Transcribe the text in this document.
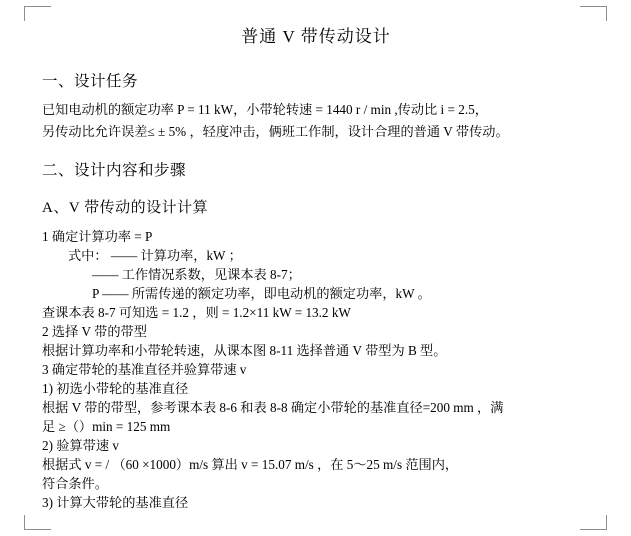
普通 V 带传动设计
一、设计任务

已知电动机的额定功率 P = 11 kW，小带轮转速 = 1440 r / min ,传动比 i = 2.5，

另传动比允许误差≤ ± 5% ，轻度冲击，俩班工作制，设计合理的普通 V 带传动。

二、设计内容和步骤
A、V 带传动的设计计算

1 确定计算功率 = P

式中： —— 计算功率，kW ；

—— 工作情况系数，见课本表 8-7；

P —— 所需传递的额定功率，即电动机的额定功率，kW 。

查课本表 8-7 可知选 = 1.2 ，则 = 1.2×11 kW = 13.2 kW

2 选择 V 带的带型

根据计算功率和小带轮转速，从课本图 8-11 选择普通 V 带型为 B 型。

3 确定带轮的基准直径并验算带速 v

1) 初选小带轮的基准直径

根据 V 带的带型，参考课本表 8-6 和表 8-8 确定小带轮的基准直径=200 mm ，满

足 ≥（）min = 125 mm

2) 验算带速 v

根据式 v = / （60 ×1000）m/s 算出 v = 15.07 m/s ，在 5～25 m/s 范围内，

符合条件。

3) 计算大带轮的基准直径
